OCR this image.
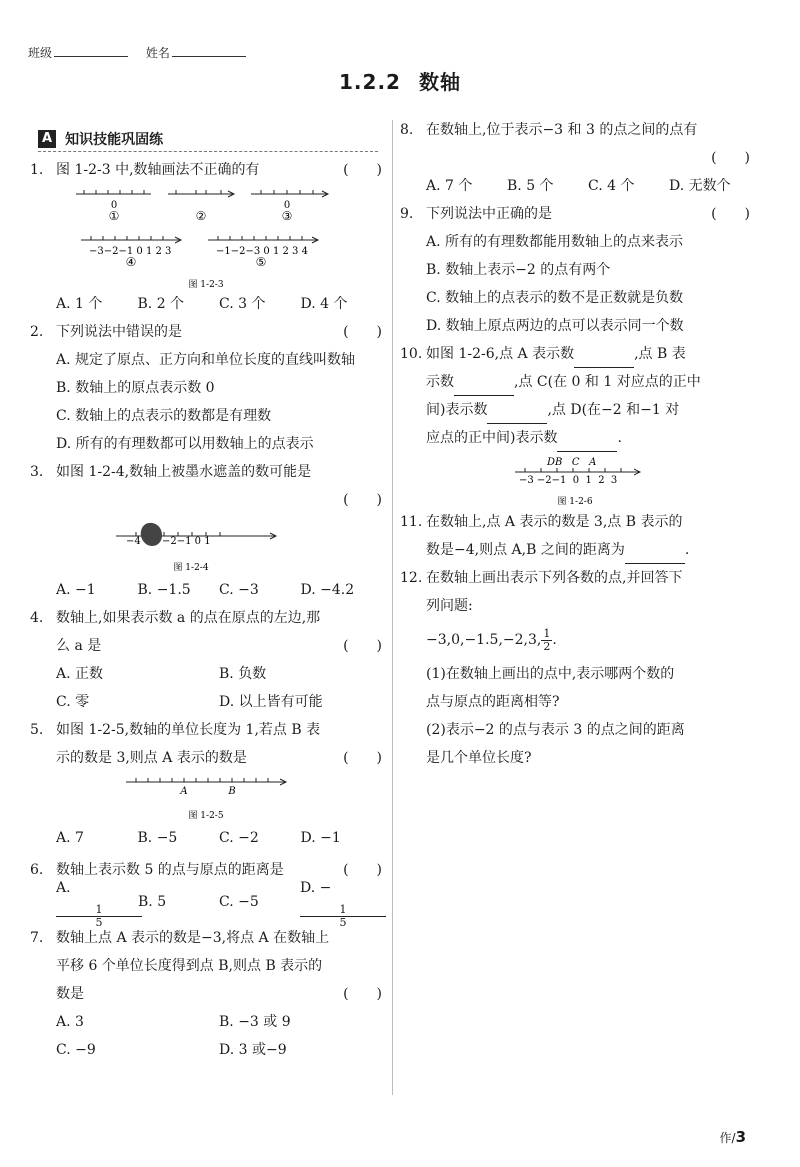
班级	姓名
1.2.2 数轴
A 知识技能巩固练
1. 图 1-2-3 中,数轴画法不正确的有	(　　)
0
①	②
0
③
−3−2−1 0 1 2 3	−1−2−3 0 1 2 3 4
④	⑤
图 1-2-3
A. 1 个	B. 2 个	C. 3 个	D. 4 个
2. 下列说法中错误的是	(　　)
A. 规定了原点、正方向和单位长度的直线叫数轴
B. 数轴上的原点表示数 0
C. 数轴上的点表示的数都是有理数
D. 所有的有理数都可以用数轴上的点表示
3. 如图 1-2-4,数轴上被墨水遮盖的数可能是
(　　)
−4 −2−1 0 1
图 1-2-4
A. −1	B. −1.5	C. −3	D. −4.2
4. 数轴上,如果表示数 a 的点在原点的左边,那
么 a 是	(　　)
A. 正数	B. 负数
C. 零	D. 以上皆有可能
5. 如图 1-2-5,数轴的单位长度为 1,若点 B 表
示的数是 3,则点 A 表示的数是	(　　)
A	B
图 1-2-5
A. 7	B. −5	C. −2	D. −1
6. 数轴上表示数 5 的点与原点的距离是	(　　)
A.
$\frac{1}{5}$
B. 5	C. −5
D. −
$\frac{1}{5}$
7. 数轴上点 A 表示的数是−3,将点 A 在数轴上
平移 6 个单位长度得到点 B,则点 B 表示的
数是	(　　)
A. 3	B. −3 或 9
C. −9	D. 3 或−9
8. 在数轴上,位于表示−3 和 3 的点之间的点有
(　　)
A. 7 个	B. 5 个	C. 4 个	D. 无数个
9. 下列说法中正确的是	(　　)
A. 所有的有理数都能用数轴上的点来表示
B. 数轴上表示−2 的点有两个
C. 数轴上的点表示的数不是正数就是负数
D. 数轴上原点两边的点可以表示同一个数
10. 如图 1-2-6,点 A 表示数	,点 B 表
示数	,点 C(在 0 和 1 对应点的正中
间)表示数	,点 D(在−2 和−1 对
应点的正中间)表示数	.
DB   C   A
−3 −2−1  0  1  2  3
图 1-2-6
11. 在数轴上,点 A 表示的数是 3,点 B 表示的
数是−4,则点 A,B 之间的距离为	.
12. 在数轴上画出表示下列各数的点,并回答下
列问题:
−3,0,−1.5,−2,3, $\frac{1}{2}$ .
(1)在数轴上画出的点中,表示哪两个数的
点与原点的距离相等?
(2)表示−2 的点与表示 3 的点之间的距离
是几个单位长度?
作/3
